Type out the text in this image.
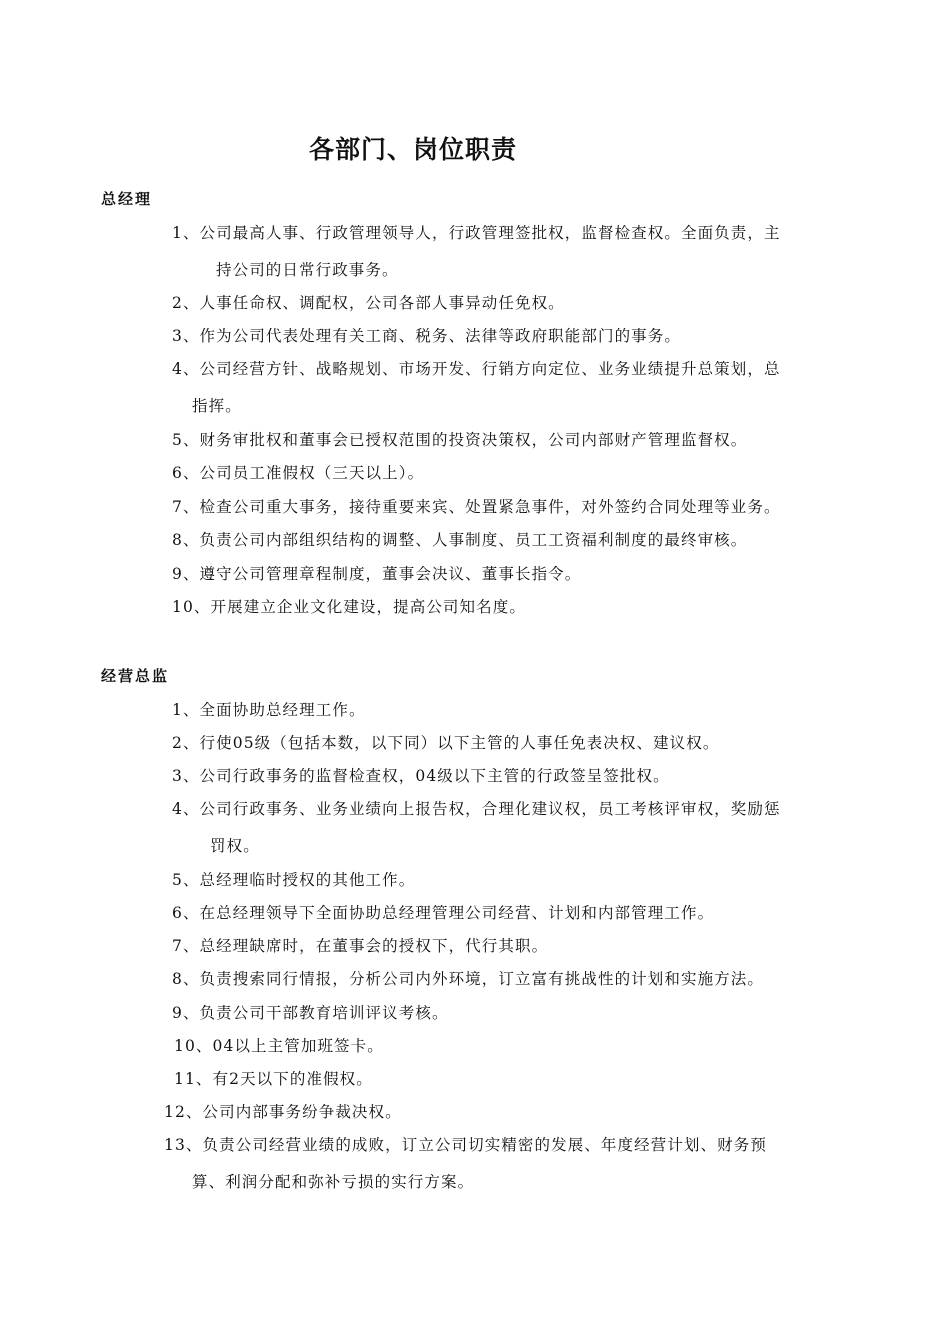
各部门、岗位职责
总经理
1、公司最高人事、行政管理领导人，行政管理签批权，监督检查权。全面负责，主
持公司的日常行政事务。
2、人事任命权、调配权，公司各部人事异动任免权。
3、作为公司代表处理有关工商、税务、法律等政府职能部门的事务。
4、公司经营方针、战略规划、市场开发、行销方向定位、业务业绩提升总策划，总
指挥。
5、财务审批权和董事会已授权范围的投资决策权，公司内部财产管理监督权。
6、公司员工准假权（三天以上）。
7、检查公司重大事务，接待重要来宾、处置紧急事件，对外签约合同处理等业务。
8、负责公司内部组织结构的调整、人事制度、员工工资福利制度的最终审核。
9、遵守公司管理章程制度，董事会决议、董事长指令。
10、开展建立企业文化建设，提高公司知名度。
经营总监
1、全面协助总经理工作。
2、行使05级（包括本数，以下同）以下主管的人事任免表决权、建议权。
3、公司行政事务的监督检查权，04级以下主管的行政签呈签批权。
4、公司行政事务、业务业绩向上报告权，合理化建议权，员工考核评审权，奖励惩
罚权。
5、总经理临时授权的其他工作。
6、在总经理领导下全面协助总经理管理公司经营、计划和内部管理工作。
7、总经理缺席时，在董事会的授权下，代行其职。
8、负责搜索同行情报，分析公司内外环境，订立富有挑战性的计划和实施方法。
9、负责公司干部教育培训评议考核。
10、04以上主管加班签卡。
11、有2天以下的准假权。
12、公司内部事务纷争裁决权。
13、负责公司经营业绩的成败，订立公司切实精密的发展、年度经营计划、财务预
算、利润分配和弥补亏损的实行方案。
